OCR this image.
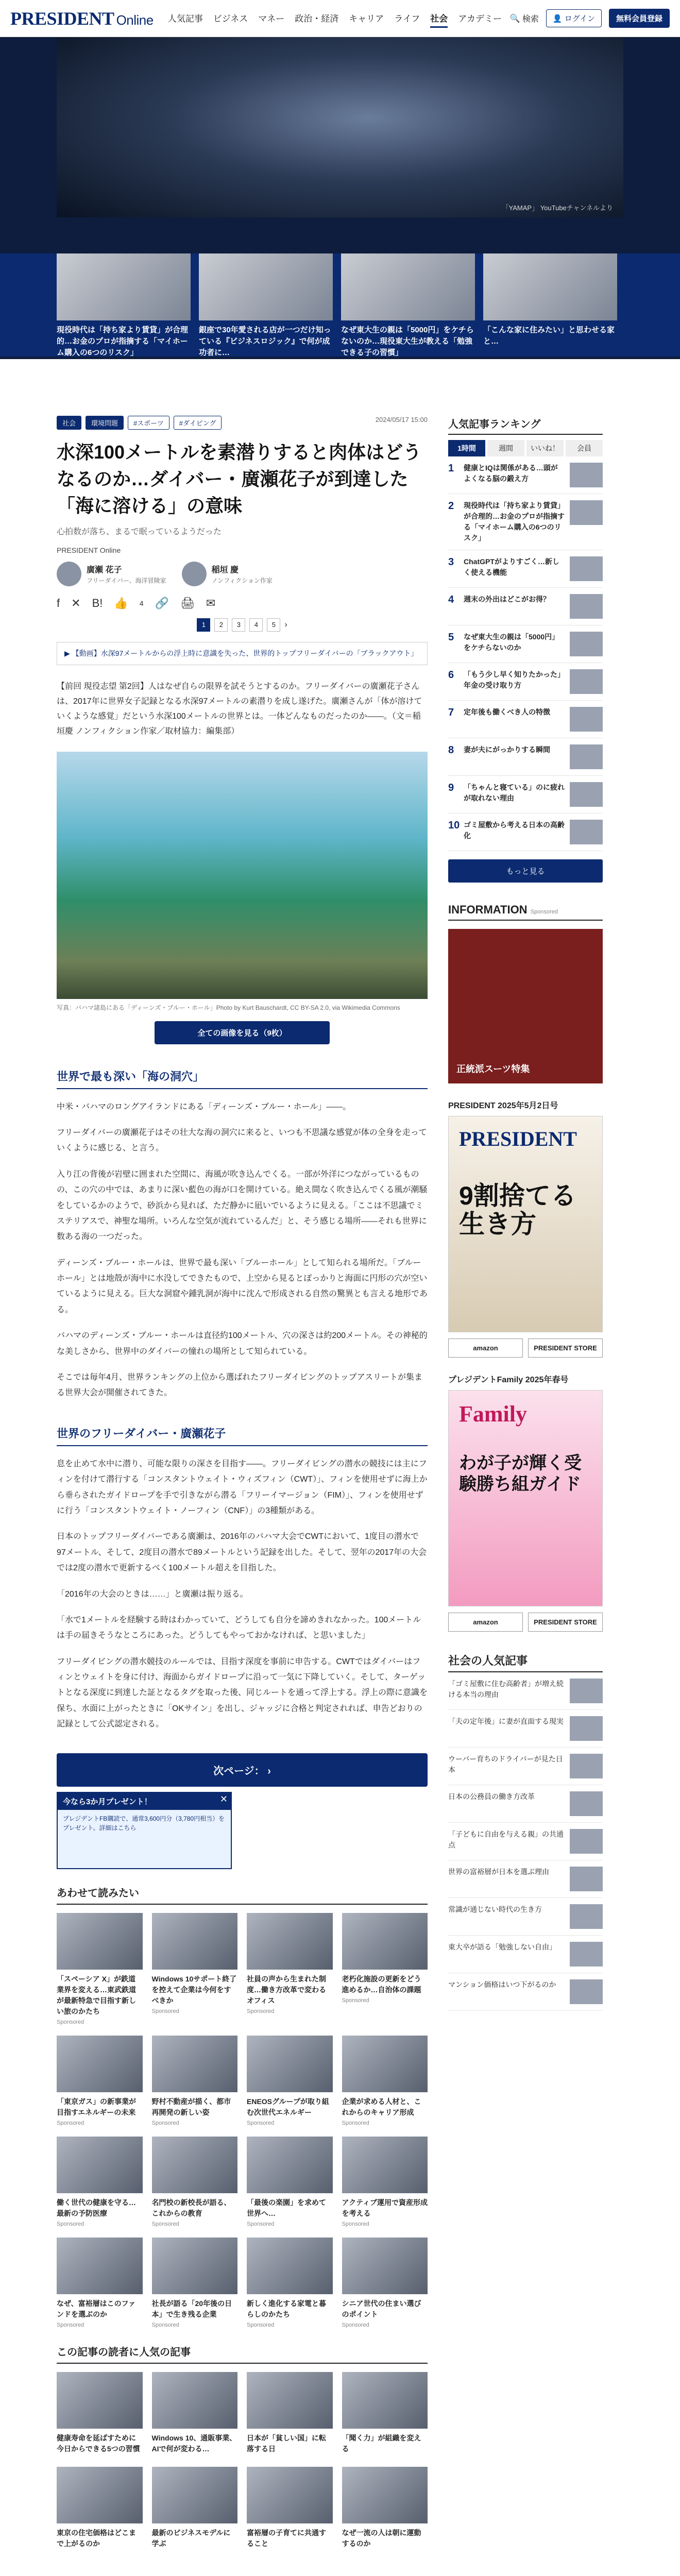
PRESIDENT Online 人気記事 ビジネス マネー 政治・経済 キャリア ライフ 社会 アカデミー 🔍 検索	👤 ログイン	無料会員登録
「YAMAP」 YouTubeチャンネルより
現役時代は「持ち家より賃貸」が合理的…お金のプロが指摘する「マイホーム購入の6つのリスク」
銀座で30年愛される店が一つだけ知っている『ビジネスロジック』で何が成功者に…
なぜ東大生の親は「5000円」をケチらないのか…現役東大生が教える「勉強できる子の習慣」
「こんな家に住みたい」と思わせる家と…
社会	環境問題	#スポーツ	#ダイビング	2024/05/17 15:00
水深100メートルを素潜りすると肉体はどうなるのか…ダイバー・廣瀬花子が到達した「海に溶ける」の意味
心拍数が落ち、まるで眠っているようだった
PRESIDENT Online
廣瀬 花子
フリーダイバー、海洋冒険家
稲垣 慶
ノンフィクション作家
f ✕ B! 👍 4 🔗 🖨 ✉
1	2	3	4	5	›
▶ 【動画】水深97メートルからの浮上時に意識を失った、世界的トップフリーダイバーの「ブラックアウト」

【前回 現役志望 第2回】人はなぜ自らの限界を試そうとするのか。フリーダイバーの廣瀬花子さんは、2017年に世界女子記録となる水深97メートルの素潜りを成し遂げた。廣瀬さんが「体が溶けていくような感覚」だという水深100メートルの世界とは。一体どんなものだったのか――。（文＝稲垣慶 ノンフィクション作家／取材協力：編集部）

写真：バハマ諸島にある「ディーンズ・ブルー・ホール」Photo by Kurt Bauschardt, CC BY-SA 2.0, via Wikimedia Commons
全ての画像を見る（9枚）
世界で最も深い「海の洞穴」

中米・バハマのロングアイランドにある「ディーンズ・ブルー・ホール」――。

フリーダイバーの廣瀬花子はその壮大な海の洞穴に来ると、いつも不思議な感覚が体の全身を走っていくように感じる、と言う。

入り江の背後が岩壁に囲まれた空間に、海風が吹き込んでくる。一部が外洋につながっているものの、この穴の中では、あまりに深い藍色の海が口を開けている。絶え間なく吹き込んでくる風が潮騒をしているかのようで、砂浜から見れば、ただ静かに凪いでいるように見える。「ここは不思議でミステリアスで、神聖な場所。いろんな空気が流れているんだ」と、そう感じる場所――それも世界に数ある海の一つだった。

ディーンズ・ブルー・ホールは、世界で最も深い「ブルーホール」として知られる場所だ。「ブルーホール」とは地殻が海中に水没してできたもので、上空から見るとぽっかりと海面に円形の穴が空いているように見える。巨大な洞窟や鍾乳洞が海中に沈んで形成される自然の驚異とも言える地形である。

バハマのディーンズ・ブルー・ホールは直径約100メートル、穴の深さは約200メートル。その神秘的な美しさから、世界中のダイバーの憧れの場所として知られている。

そこでは毎年4月、世界ランキングの上位から選ばれたフリーダイビングのトップアスリートが集まる世界大会が開催されてきた。

世界のフリーダイバー・廣瀬花子

息を止めて水中に潜り、可能な限りの深さを目指す――。フリーダイビングの潜水の競技には主にフィンを付けて潜行する「コンスタントウェイト・ウィズフィン（CWT）」、フィンを使用せずに海上から垂らされたガイドロープを手で引きながら潜る「フリーイマージョン（FIM）」、フィンを使用せずに行う「コンスタントウェイト・ノーフィン（CNF）」の3種類がある。

日本のトップフリーダイバーである廣瀬は、2016年のバハマ大会でCWTにおいて、1度目の潜水で97メートル、そして、2度目の潜水で89メートルという記録を出した。そして、翌年の2017年の大会では2度の潜水で更新するべく100メートル超えを目指した。

「2016年の大会のときは……」と廣瀬は振り返る。

「水で1メートルを経験する時はわかっていて、どうしても自分を諦めきれなかった。100メートルは手の届きそうなところにあった。どうしてもやっておかなければ、と思いました」

フリーダイビングの潜水競技のルールでは、目指す深度を事前に申告する。CWTではダイバーはフィンとウェイトを身に付け、海面からガイドロープに沿って一気に下降していく。そして、ターゲットとなる深度に到達した証となるタグを取った後、同じルートを通って浮上する。浮上の際に意識を保ち、水面に上がったときに「OKサイン」を出し、ジャッジに合格と判定されれば、申告どおりの記録として公式認定される。

次ページ： ›
今なら3か月プレゼント！	✕
プレジデントFB購読で、通常3,600円分（3,780円相当）をプレゼント。詳細はこちら
あわせて読みたい
「スペーシア X」が鉄道業界を変える…東武鉄道が最新特急で目指す新しい旅のかたち
Sponsored
Windows 10サポート終了を控えて企業は今何をすべきか
Sponsored
社員の声から生まれた制度…働き方改革で変わるオフィス
Sponsored
老朽化施設の更新をどう進めるか…自治体の課題
Sponsored
「東京ガス」の新事業が目指すエネルギーの未来
Sponsored
野村不動産が描く、都市再開発の新しい姿
Sponsored
ENEOSグループが取り組む次世代エネルギー
Sponsored
企業が求める人材と、これからのキャリア形成
Sponsored
働く世代の健康を守る…最新の予防医療
Sponsored
名門校の新校長が語る、これからの教育
Sponsored
「最後の楽園」を求めて世界へ…
Sponsored
アクティブ運用で資産形成を考える
Sponsored
なぜ、富裕層はこのファンドを選ぶのか
Sponsored
社長が語る「20年後の日本」で生き残る企業
Sponsored
新しく進化する家電と暮らしのかたち
Sponsored
シニア世代の住まい選びのポイント
Sponsored
この記事の読者に人気の記事
健康寿命を延ばすために今日からできる5つの習慣
Windows 10、通販事業、AIで何が変わる…
日本が「貧しい国」に転落する日
「聞く力」が組織を変える
東京の住宅価格はどこまで上がるのか
最新のビジネスモデルに学ぶ
富裕層の子育てに共通すること
なぜ一流の人は朝に運動するのか
人気記事ランキング
1時間	週間	いいね！	会員
1	健康とIQは関係がある…頭がよくなる脳の鍛え方
2	現役時代は「持ち家より賃貸」が合理的…お金のプロが指摘する「マイホーム購入の6つのリスク」
3	ChatGPTがよりすごく…新しく使える機能
4	週末の外出はどこがお得？
5	なぜ東大生の親は「5000円」をケチらないのか
6	「もう少し早く知りたかった」年金の受け取り方
7	定年後も働くべき人の特徴
8	妻が夫にがっかりする瞬間
9	「ちゃんと寝ている」のに疲れが取れない理由
10 ゴミ屋敷から考える日本の高齢化
もっと見る
INFORMATION Sponsored
正統派スーツ特集
PRESIDENT 2025年5月2日号
PRESIDENT
9割捨てる生き方
amazon	PRESIDENT STORE
プレジデントFamily 2025年春号
Family
わが子が輝く受験勝ち組ガイド
amazon	PRESIDENT STORE
社会の人気記事
「ゴミ屋敷に住む高齢者」が増え続ける本当の理由
「夫の定年後」に妻が直面する現実
ウーバー育ちのドライバーが見た日本
日本の公務員の働き方改革
「子どもに自由を与える親」の共通点
世界の富裕層が日本を選ぶ理由
常識が通じない時代の生き方
東大卒が語る「勉強しない自由」
マンション価格はいつ下がるのか
